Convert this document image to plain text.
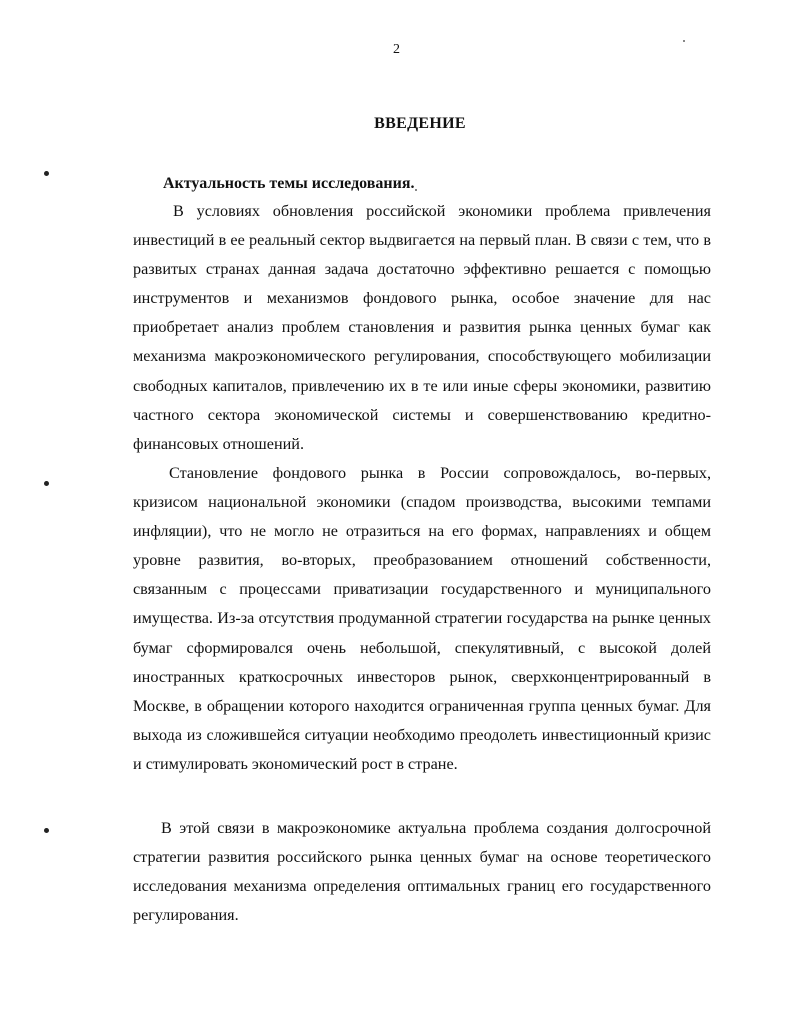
2
ВВЕДЕНИЕ
Актуальность темы исследования.

В условиях обновления российской экономики проблема привлечения инвестиций в ее реальный сектор выдвигается на первый план. В связи с тем, что в развитых странах данная задача достаточно эффективно решается с помощью инструментов и механизмов фондового рынка, особое значение для нас приобретает анализ проблем становления и развития рынка ценных бумаг как механизма макроэкономического регулирования, способствующего мобилизации свободных капиталов, привлечению их в те или иные сферы экономики, развитию частного сектора экономической системы и совершенствованию кредитно-финансовых отношений.

Становление фондового рынка в России сопровождалось, во-первых, кризисом национальной экономики (спадом производства, высокими темпами инфляции), что не могло не отразиться на его формах, направлениях и общем уровне развития, во-вторых, преобразованием отношений собственности, связанным с процессами приватизации государственного и муниципального имущества. Из-за отсутствия продуманной стратегии государства на рынке ценных бумаг сформировался очень небольшой, спекулятивный, с высокой долей иностранных краткосрочных инвесторов рынок, сверхконцентрированный в Москве, в обращении которого находится ограниченная группа ценных бумаг. Для выхода из сложившейся ситуации необходимо преодолеть инвестиционный кризис и стимулировать экономический рост в стране.

В этой связи в макроэкономике актуальна проблема создания долгосрочной стратегии развития российского рынка ценных бумаг на основе теоретического исследования механизма определения оптимальных границ его государственного регулирования.
